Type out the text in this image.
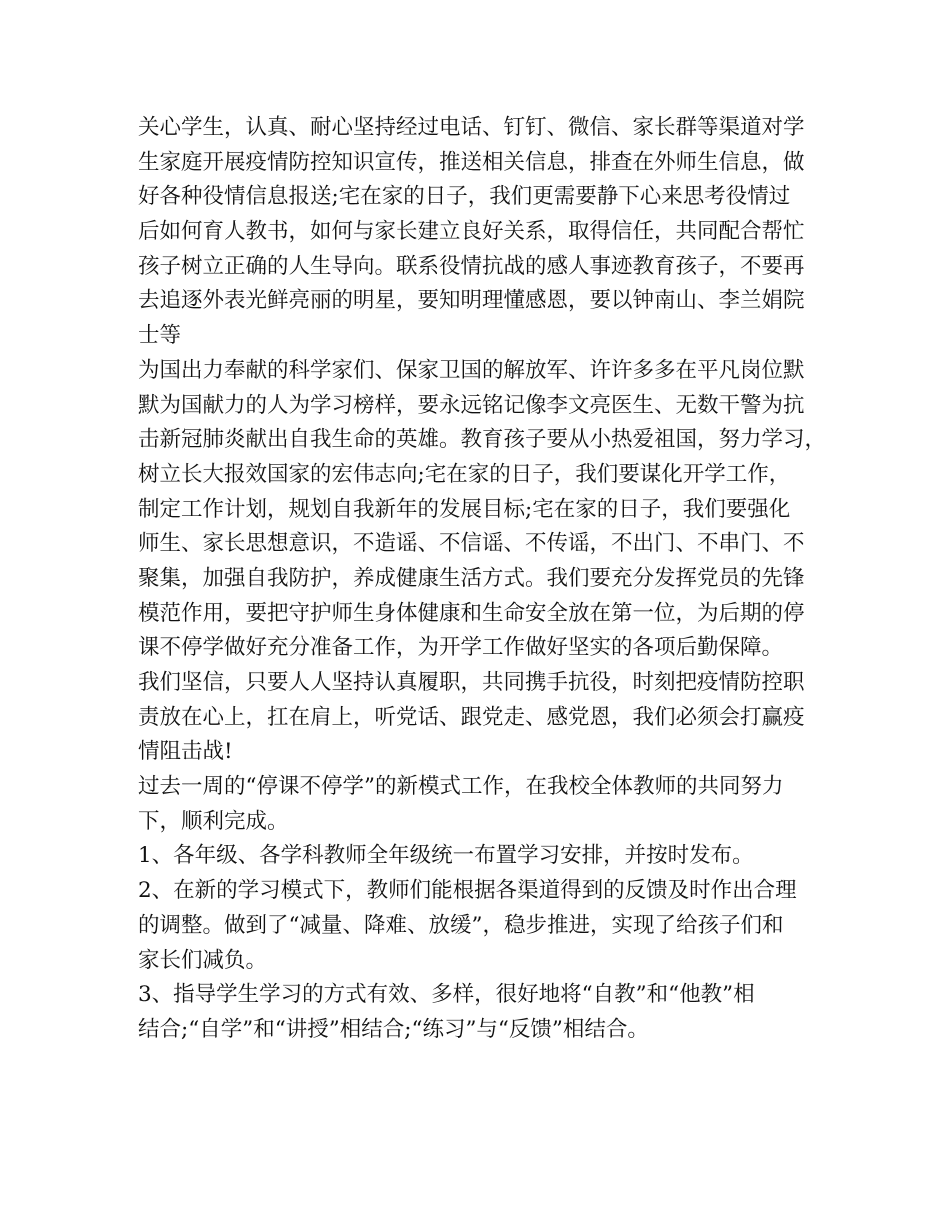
关心学生，认真、耐心坚持经过电话、钉钉、微信、家长群等渠道对学
生家庭开展疫情防控知识宣传，推送相关信息，排查在外师生信息，做
好各种役情信息报送;宅在家的日子，我们更需要静下心来思考役情过
后如何育人教书，如何与家长建立良好关系，取得信任，共同配合帮忙
孩子树立正确的人生导向。联系役情抗战的感人事迹教育孩子，不要再
去追逐外表光鲜亮丽的明星，要知明理懂感恩，要以钟南山、李兰娟院
士等
为国出力奉献的科学家们、保家卫国的解放军、许许多多在平凡岗位默
默为国献力的人为学习榜样，要永远铭记像李文亮医生、无数干警为抗
击新冠肺炎献出自我生命的英雄。教育孩子要从小热爱祖国，努力学习，
树立长大报效国家的宏伟志向;宅在家的日子，我们要谋化开学工作，
制定工作计划，规划自我新年的发展目标;宅在家的日子，我们要强化
师生、家长思想意识，不造谣、不信谣、不传谣，不出门、不串门、不
聚集，加强自我防护，养成健康生活方式。我们要充分发挥党员的先锋
模范作用，要把守护师生身体健康和生命安全放在第一位，为后期的停
课不停学做好充分准备工作，为开学工作做好坚实的各项后勤保障。
我们坚信，只要人人坚持认真履职，共同携手抗役，时刻把疫情防控职
责放在心上，扛在肩上，听党话、跟党走、感党恩，我们必须会打赢疫
情阻击战!
过去一周的“停课不停学”的新模式工作，在我校全体教师的共同努力
下，顺利完成。
1、各年级、各学科教师全年级统一布置学习安排，并按时发布。
2、在新的学习模式下，教师们能根据各渠道得到的反馈及时作出合理
的调整。做到了“减量、降难、放缓”，稳步推进，实现了给孩子们和
家长们减负。
3、指导学生学习的方式有效、多样，很好地将“自教”和“他教”相
结合;“自学”和“讲授”相结合;“练习”与“反馈”相结合。
